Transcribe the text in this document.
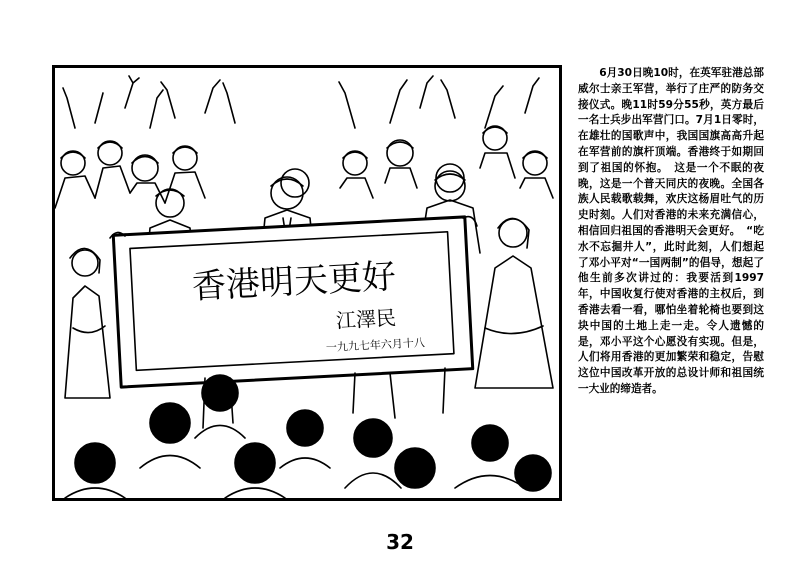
香港明天更好
江澤民
一九九七年六月十八

6月30日晚10时，在英军驻港总部威尔士亲王军营，举行了庄严的防务交接仪式。晚11时59分55秒，英方最后一名士兵步出军营门口。7月1日零时，在雄壮的国歌声中，我国国旗高高升起在军营前的旗杆顶端。香港终于如期回到了祖国的怀抱。　这是一个不眠的夜晚，这是一个普天同庆的夜晚。全国各族人民载歌载舞，欢庆这杨眉吐气的历史时刻。人们对香港的未来充满信心，相信回归祖国的香港明天会更好。　“吃水不忘掘井人”，此时此刻，人们想起了邓小平对“一国两制”的倡导，想起了他生前多次讲过的：我要活到1997年，中国收复行使对香港的主权后，到香港去看一看，哪怕坐着轮椅也要到这块中国的土地上走一走。令人遗憾的是，邓小平这个心愿没有实现。但是，人们将用香港的更加繁荣和稳定，告慰这位中国改革开放的总设计师和祖国统一大业的缔造者。

32
